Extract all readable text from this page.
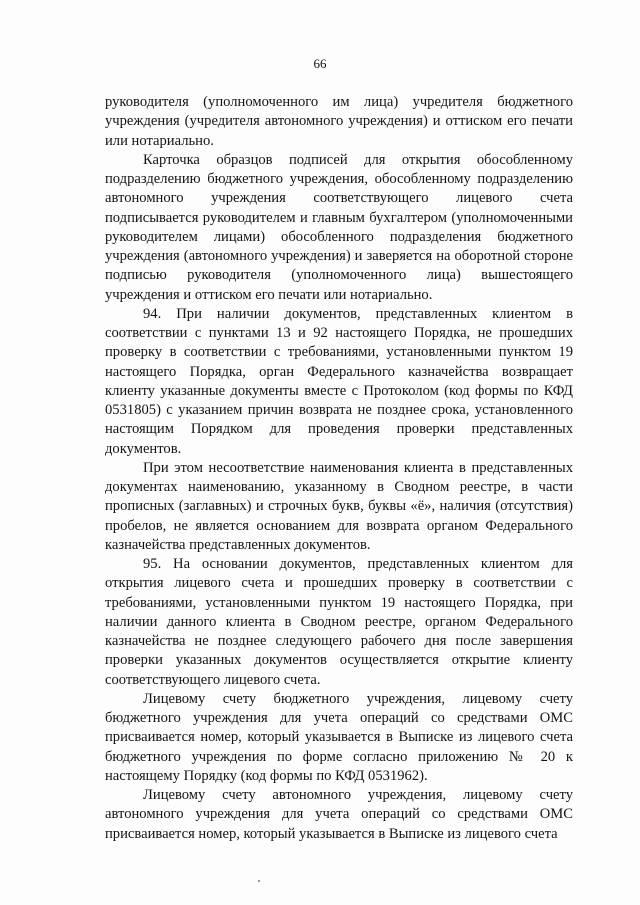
66

руководителя (уполномоченного им лица) учредителя бюджетного учреждения (учредителя автономного учреждения) и оттиском его печати или нотариально.

Карточка образцов подписей для открытия обособленному подразделению бюджетного учреждения, обособленному подразделению автономного учреждения соответствующего лицевого счета подписывается руководителем и главным бухгалтером (уполномоченными руководителем лицами) обособленного подразделения бюджетного учреждения (автономного учреждения) и заверяется на оборотной стороне подписью руководителя (уполномоченного лица) вышестоящего учреждения и оттиском его печати или нотариально.

94. При наличии документов, представленных клиентом в соответствии с пунктами 13 и 92 настоящего Порядка, не прошедших проверку в соответствии с требованиями, установленными пунктом 19 настоящего Порядка, орган Федерального казначейства возвращает клиенту указанные документы вместе с Протоколом (код формы по КФД 0531805) с указанием причин возврата не позднее срока, установленного настоящим Порядком для проведения проверки представленных документов.

При этом несоответствие наименования клиента в представленных документах наименованию, указанному в Сводном реестре, в части прописных (заглавных) и строчных букв, буквы «ё», наличия (отсутствия) пробелов, не является основанием для возврата органом Федерального казначейства представленных документов.

95. На основании документов, представленных клиентом для открытия лицевого счета и прошедших проверку в соответствии с требованиями, установленными пунктом 19 настоящего Порядка, при наличии данного клиента в Сводном реестре, органом Федерального казначейства не позднее следующего рабочего дня после завершения проверки указанных документов осуществляется открытие клиенту соответствующего лицевого счета.

Лицевому счету бюджетного учреждения, лицевому счету бюджетного учреждения для учета операций со средствами ОМС присваивается номер, который указывается в Выписке из лицевого счета бюджетного учреждения по форме согласно приложению № 20 к настоящему Порядку (код формы по КФД 0531962).

Лицевому счету автономного учреждения, лицевому счету автономного учреждения для учета операций со средствами ОМС присваивается номер, который указывается в Выписке из лицевого счета
